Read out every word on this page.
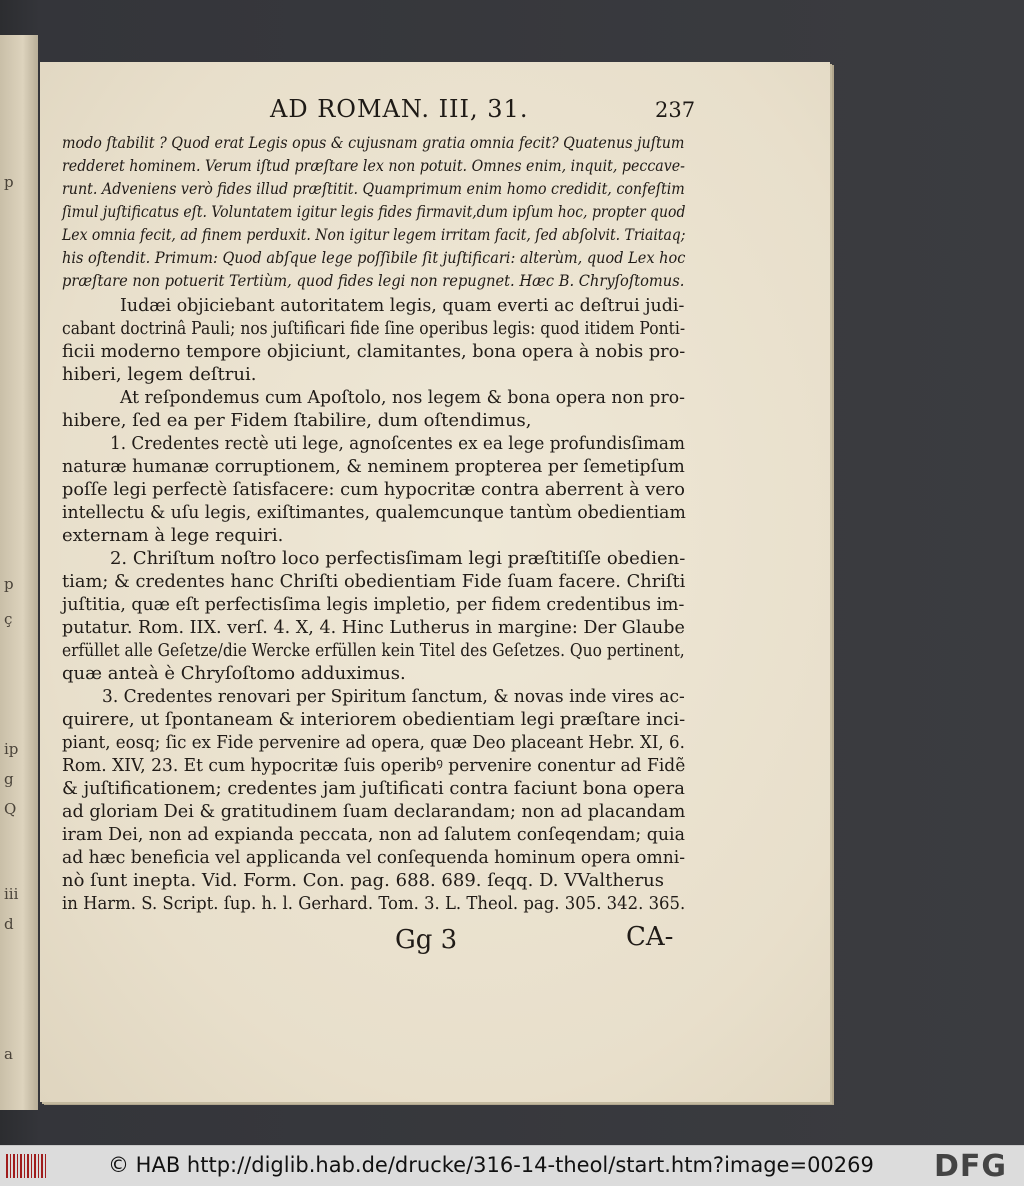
p
p
ç
ip
g
Q
iii
d
a
AD ROMAN. III, 31.	237
modo ſtabilit ? Quod erat Legis opus & cujusnam gratia omnia fecit? Quatenus juſtum
redderet hominem. Verum iſtud præſtare lex non potuit. Omnes enim, inquit, peccave-
runt. Adveniens verò fides illud præſtitit. Quamprimum enim homo credidit, confeſtim
ſimul juſtificatus eſt. Voluntatem igitur legis fides firmavit,dum ipſum hoc, propter quod
Lex omnia fecit, ad finem perduxit. Non igitur legem irritam facit, ſed abſolvit. Triaitaq;
his oſtendit. Primum: Quod abſque lege poſſibile ſit juſtificari: alterùm, quod Lex hoc
præſtare non potuerit Tertiùm, quod fides legi non repugnet. Hæc B. Chryſoſtomus.
Iudæi objiciebant autoritatem legis, quam everti ac deſtrui judi-
cabant doctrinâ Pauli; nos juſtificari fide ſine operibus legis: quod itidem Ponti-
ficii moderno tempore objiciunt, clamitantes, bona opera à nobis pro-
hiberi, legem deſtrui.
At reſpondemus cum Apoſtolo, nos legem & bona opera non pro-
hibere, ſed ea per Fidem ſtabilire, dum oſtendimus,
1. Credentes rectè uti lege, agnoſcentes ex ea lege profundisſimam
naturæ humanæ corruptionem, & neminem propterea per ſemetipſum
poſſe legi perfectè ſatisfacere: cum hypocritæ contra aberrent à vero
intellectu & uſu legis, exiſtimantes, qualemcunque tantùm obedientiam
externam à lege requiri.
2. Chriſtum noſtro loco perfectisſimam legi præſtitiſſe obedien-
tiam; & credentes hanc Chriſti obedientiam Fide ſuam facere. Chriſti
juſtitia, quæ eſt perfectisſima legis impletio, per fidem credentibus im-
putatur. Rom. IIX. verſ. 4. X, 4. Hinc Lutherus in margine: Der Glaube
erfüllet alle Geſetze/die Wercke erfüllen kein Titel des Geſetzes. Quo pertinent,
quæ anteà è Chryſoſtomo adduximus.
3. Credentes renovari per Spiritum ſanctum, & novas inde vires ac-
quirere, ut ſpontaneam & interiorem obedientiam legi præſtare inci-
piant, eosq; ſic ex Fide pervenire ad opera, quæ Deo placeant Hebr. XI, 6.
Rom. XIV, 23. Et cum hypocritæ ſuis operibꝰ pervenire conentur ad Fidẽ
& juſtificationem; credentes jam juſtificati contra faciunt bona opera
ad gloriam Dei & gratitudinem ſuam declarandam; non ad placandam
iram Dei, non ad expianda peccata, non ad ſalutem conſeqendam; quia
ad hæc beneficia vel applicanda vel conſequenda hominum opera omni-
nò ſunt inepta. Vid. Form. Con. pag. 688. 689. ſeqq. D. VValtherus
in Harm. S. Script. ſup. h. l. Gerhard. Tom. 3. L. Theol. pag. 305. 342. 365.
Gg 3	CA-
© HAB http://diglib.hab.de/drucke/316-14-theol/start.htm?image=00269 DFG
